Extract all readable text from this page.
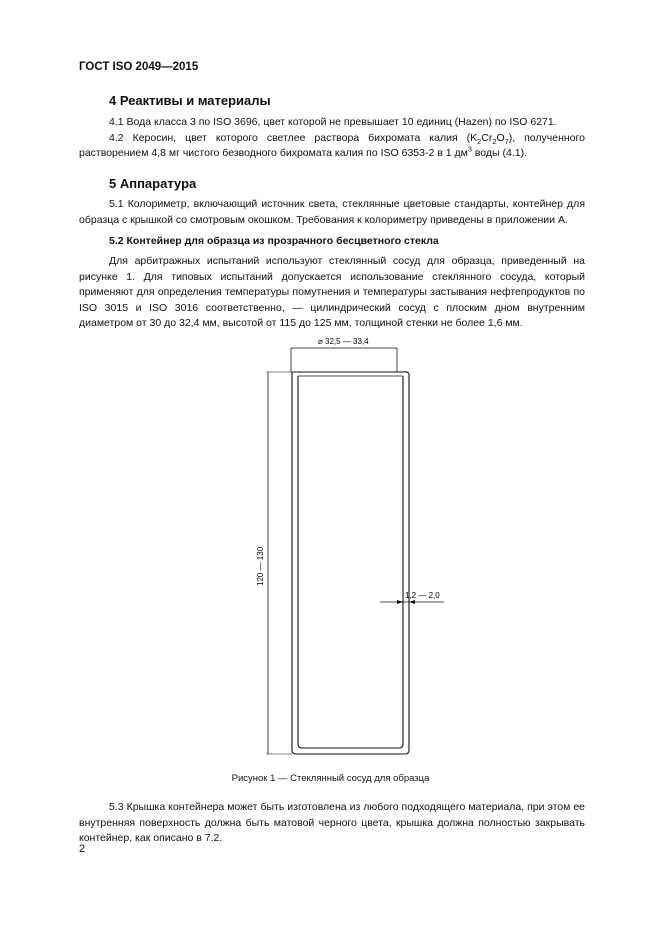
ГОСТ ISO 2049—2015
4 Реактивы и материалы

4.1 Вода класса 3 по ISO 3696, цвет которой не превышает 10 единиц (Hazen) по ISO 6271.

4.2 Керосин, цвет которого светлее раствора бихромата калия $(K_2Cr_2O_7)$, полученного растворением 4,8 мг чистого безводного бихромата калия по ISO 6353-2 в 1 $дм^3$ воды (4.1).

5 Аппаратура

5.1 Колориметр, включающий источник света, стеклянные цветовые стандарты, контейнер для образца с крышкой со смотровым окошком. Требования к колориметру приведены в приложении А.

5.2 Контейнер для образца из прозрачного бесцветного стекла

Для арбитражных испытаний используют стеклянный сосуд для образца, приведенный на рисунке 1. Для типовых испытаний допускается использование стеклянного сосуда, который применяют для определения температуры помутнения и температуры застывания нефтепродуктов по ISO 3015 и ISO 3016 соответственно, — цилиндрический сосуд с плоским дном внутренним диаметром от 30 до 32,4 мм, высотой от 115 до 125 мм, толщиной стенки не более 1,6 мм.

⌀ 32,5 — 33,4
120 — 130
1,2 — 2,0
Рисунок 1 — Стеклянный сосуд для образца

5.3 Крышка контейнера может быть изготовлена из любого подходящего материала, при этом ее внутренняя поверхность должна быть матовой черного цвета, крышка должна полностью закрывать контейнер, как описано в 7.2.

2
